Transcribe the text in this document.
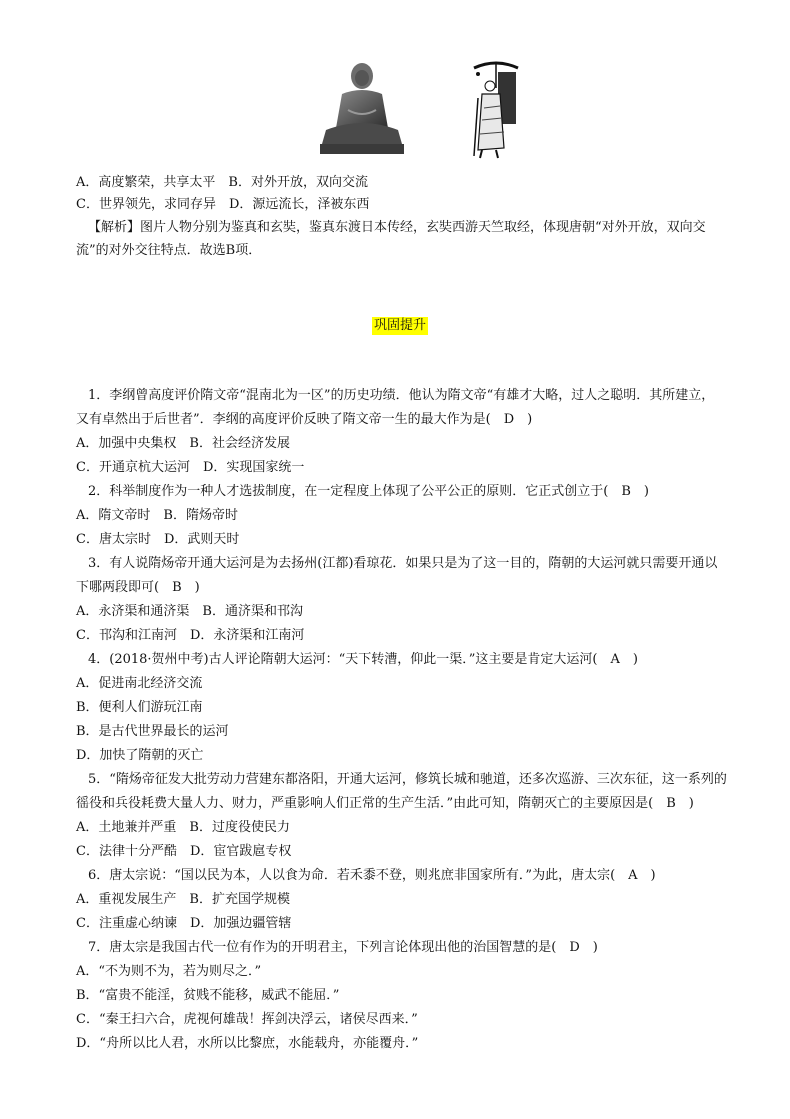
A．高度繁荣，共享太平　B．对外开放，双向交流
C．世界领先，求同存异　D．源远流长，泽被东西
【解析】图片人物分别为鉴真和玄奘，鉴真东渡日本传经，玄奘西游天竺取经，体现唐朝“对外开放，双向交
流”的对外交往特点．故选B项．
巩固提升
1．李纲曾高度评价隋文帝“混南北为一区”的历史功绩．他认为隋文帝“有雄才大略，过人之聪明．其所建立，
又有卓然出于后世者”．李纲的高度评价反映了隋文帝一生的最大作为是(　D　)
A．加强中央集权　B．社会经济发展
C．开通京杭大运河　D．实现国家统一
2．科举制度作为一种人才选拔制度，在一定程度上体现了公平公正的原则．它正式创立于(　B　)
A．隋文帝时　B．隋炀帝时
C．唐太宗时　D．武则天时
3．有人说隋炀帝开通大运河是为去扬州(江都)看琼花．如果只是为了这一目的，隋朝的大运河就只需要开通以
下哪两段即可(　B　)
A．永济渠和通济渠　B．通济渠和邗沟
C．邗沟和江南河　D．永济渠和江南河
4．(2018·贺州中考)古人评论隋朝大运河：“天下转漕，仰此一渠．”这主要是肯定大运河(　A　)
A．促进南北经济交流
B．便利人们游玩江南
B．是古代世界最长的运河
D．加快了隋朝的灭亡
5．“隋炀帝征发大批劳动力营建东都洛阳，开通大运河，修筑长城和驰道，还多次巡游、三次东征，这一系列的
徭役和兵役耗费大量人力、财力，严重影响人们正常的生产生活．”由此可知，隋朝灭亡的主要原因是(　B　)
A．土地兼并严重　B．过度役使民力
C．法律十分严酷　D．宦官跋扈专权
6．唐太宗说：“国以民为本，人以食为命．若禾黍不登，则兆庶非国家所有．”为此，唐太宗(　A　)
A．重视发展生产　B．扩充国学规模
C．注重虚心纳谏　D．加强边疆管辖
7．唐太宗是我国古代一位有作为的开明君主，下列言论体现出他的治国智慧的是(　D　)
A．“不为则不为，若为则尽之．”
B．“富贵不能淫，贫贱不能移，威武不能屈．”
C．“秦王扫六合，虎视何雄哉！挥剑决浮云，诸侯尽西来．”
D．“舟所以比人君，水所以比黎庶，水能载舟，亦能覆舟．”
